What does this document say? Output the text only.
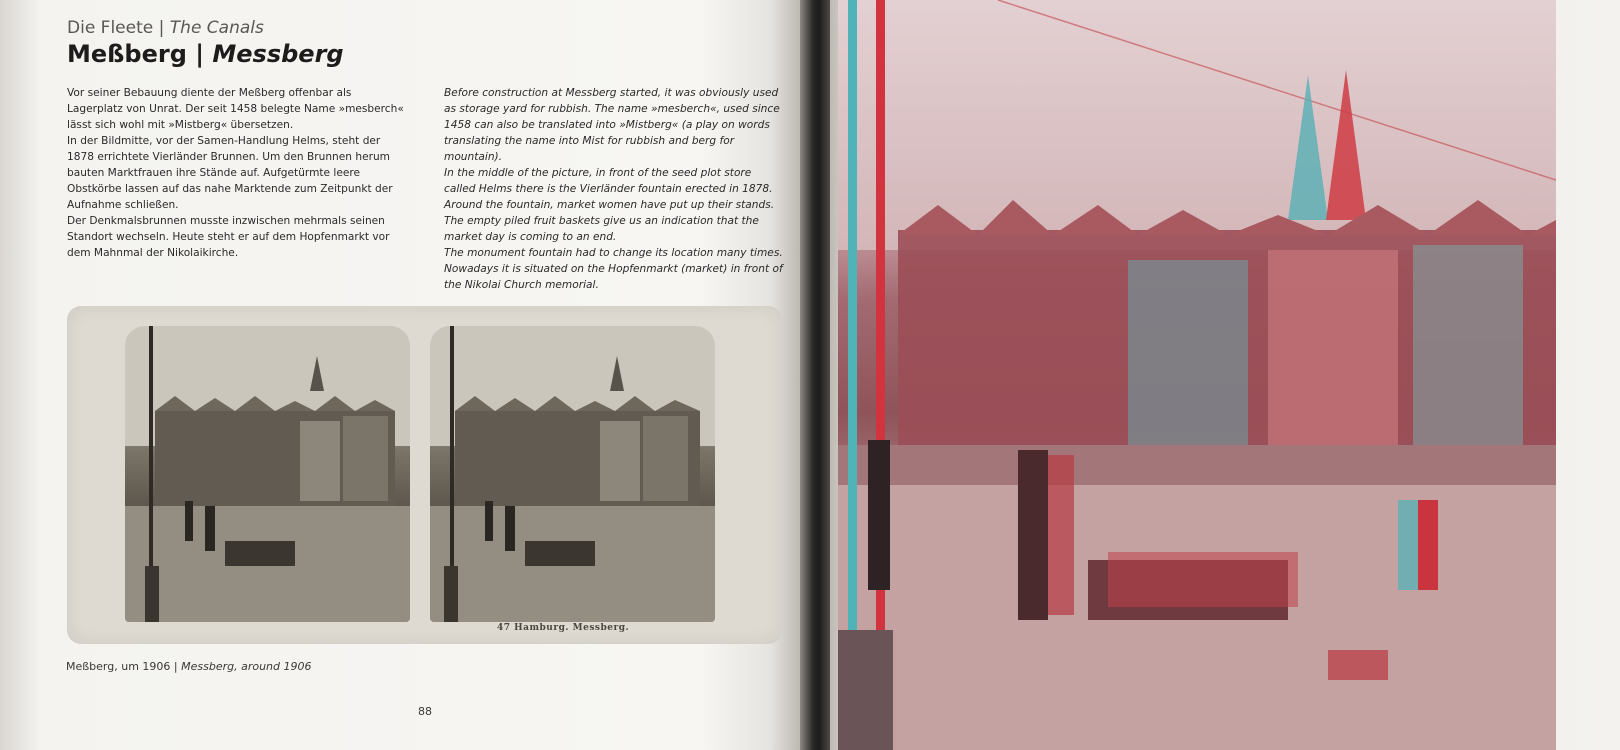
Die Fleete | The Canals
Meßberg | Messberg

Vor seiner Bebauung diente der Meßberg offenbar als Lagerplatz von Unrat. Der seit 1458 belegte Name »mesberch« lässt sich wohl mit »Mistberg« übersetzen.

In der Bildmitte, vor der Samen-Handlung Helms, steht der 1878 errichtete Vierländer Brunnen. Um den Brunnen herum bauten Marktfrauen ihre Stände auf. Aufgetürmte leere Obstkörbe lassen auf das nahe Marktende zum Zeitpunkt der Aufnahme schließen.

Der Denkmalsbrunnen musste inzwischen mehrmals seinen Standort wechseln. Heute steht er auf dem Hopfenmarkt vor dem Mahnmal der Nikolaikirche.

Before construction at Messberg started, it was obviously used as storage yard for rubbish. The name »mesberch«, used since 1458 can also be translated into »Mistberg« (a play on words translating the name into Mist for rubbish and berg for mountain).

In the middle of the picture, in front of the seed plot store called Helms there is the Vierländer fountain erected in 1878. Around the fountain, market women have put up their stands. The empty piled fruit baskets give us an indication that the market day is coming to an end.

The monument fountain had to change its location many times. Nowadays it is situated on the Hopfenmarkt (market) in front of the Nikolai Church memorial.

47 Hamburg. Messberg.
Meßberg, um 1906 | Messberg, around 1906
88
